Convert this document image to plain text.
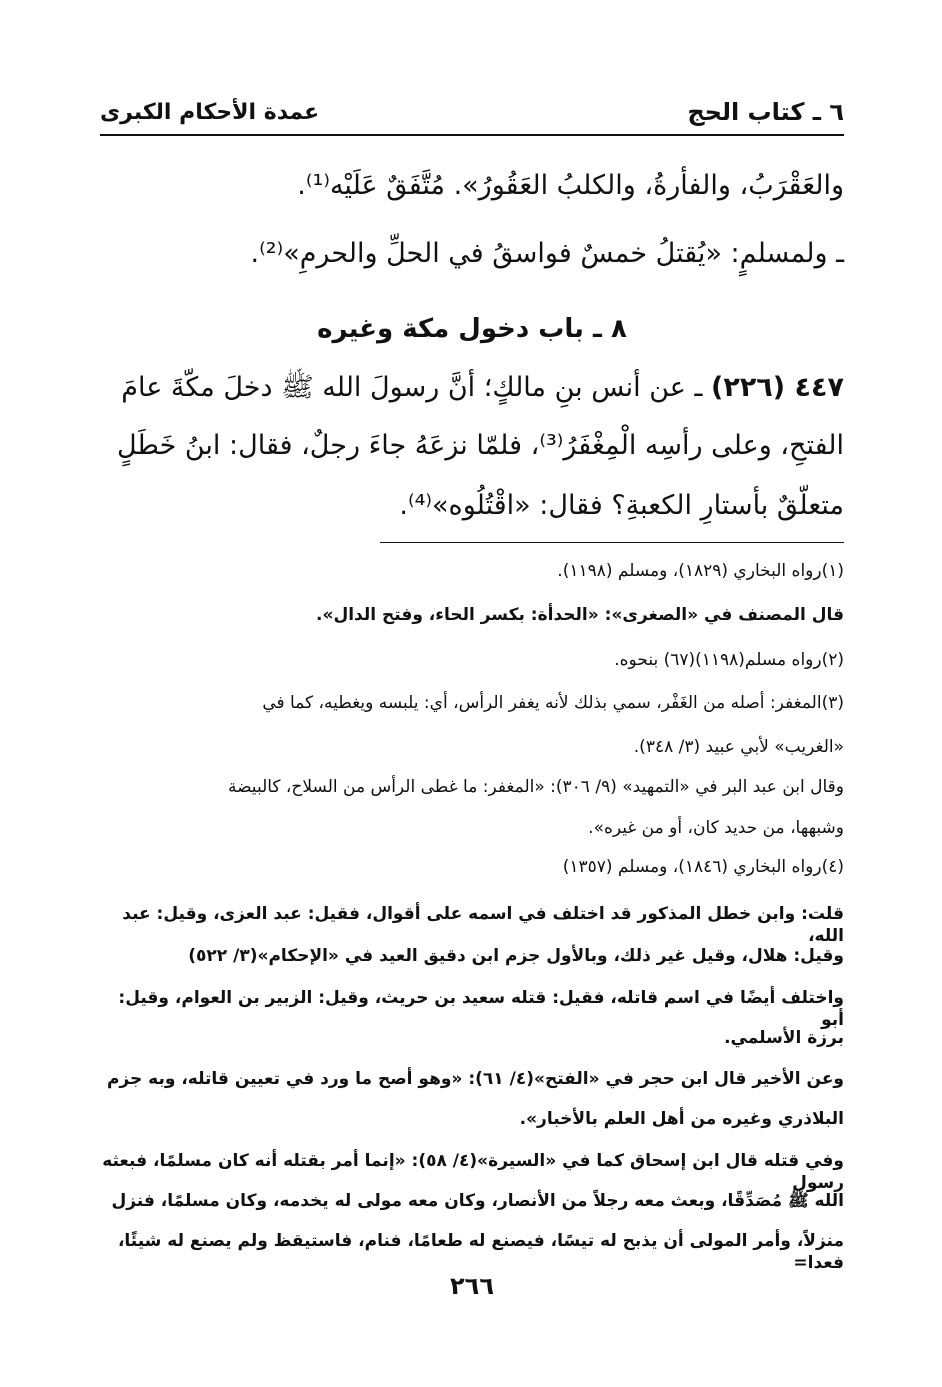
٦ ـ كتاب الحج
عمدة الأحكام الكبرى
والعَقْرَبُ، والفأرةُ، والكلبُ العَقُورُ». مُتَّفَقٌ عَلَيْه⁽¹⁾.
ـ ولمسلمٍ: «يُقتلُ خمسٌ فواسقُ في الحلِّ والحرمِ»⁽²⁾.
٨ ـ باب دخول مكة وغيره
٤٤٧ (٢٢٦) ـ عن أنس بنِ مالكٍ؛ أنَّ رسولَ الله ﷺ دخلَ مكّةَ عامَ
الفتحِ، وعلى رأسِه الْمِغْفَرُ⁽³⁾، فلمّا نزعَهُ جاءَ رجلٌ، فقال: ابنُ خَطَلٍ
متعلّقٌ بأستارِ الكعبةِ؟ فقال: «اقْتُلُوه»⁽⁴⁾.
(١)رواه البخاري (١٨٢٩)، ومسلم (١١٩٨).
قال المصنف في «الصغرى»: «الحدأة: بكسر الحاء، وفتح الدال».
(٢)رواه مسلم(١١٩٨)(٦٧) بنحوه.
(٣)المغفر: أصله من الغَفْر، سمي بذلك لأنه يغفر الرأس، أي: يلبسه ويغطيه، كما في
«الغريب» لأبي عبيد (٣/ ٣٤٨).
وقال ابن عبد البر في «التمهيد» (٩/ ٣٠٦): «المغفر: ما غطى الرأس من السلاح، كالبيضة
وشبهها، من حديد كان، أو من غيره».
(٤)رواه البخاري (١٨٤٦)، ومسلم (١٣٥٧)
قلت: وابن خطل المذكور قد اختلف في اسمه على أقوال، فقيل: عبد العزى، وقيل: عبد الله،
وقيل: هلال، وقيل غير ذلك، وبالأول جزم ابن دقيق العيد في «الإحكام»(٣/ ٥٢٢)
واختلف أيضًا في اسم قاتله، فقيل: قتله سعيد بن حريث، وقيل: الزبير بن العوام، وقيل: أبو
برزة الأسلمي.
وعن الأخير قال ابن حجر في «الفتح»(٤/ ٦١): «وهو أصح ما ورد في تعيين قاتله، وبه جزم
البلاذري وغيره من أهل العلم بالأخبار».
وفي قتله قال ابن إسحاق كما في «السيرة»(٤/ ٥٨): «إنما أمر بقتله أنه كان مسلمًا، فبعثه رسول
الله ﷺ مُصَدِّقًا، وبعث معه رجلاً من الأنصار، وكان معه مولى له يخدمه، وكان مسلمًا، فنزل
منزلاً، وأمر المولى أن يذبح له تيسًا، فيصنع له طعامًا، فنام، فاستيقظ ولم يصنع له شيئًا، فعدا=
٢٦٦
